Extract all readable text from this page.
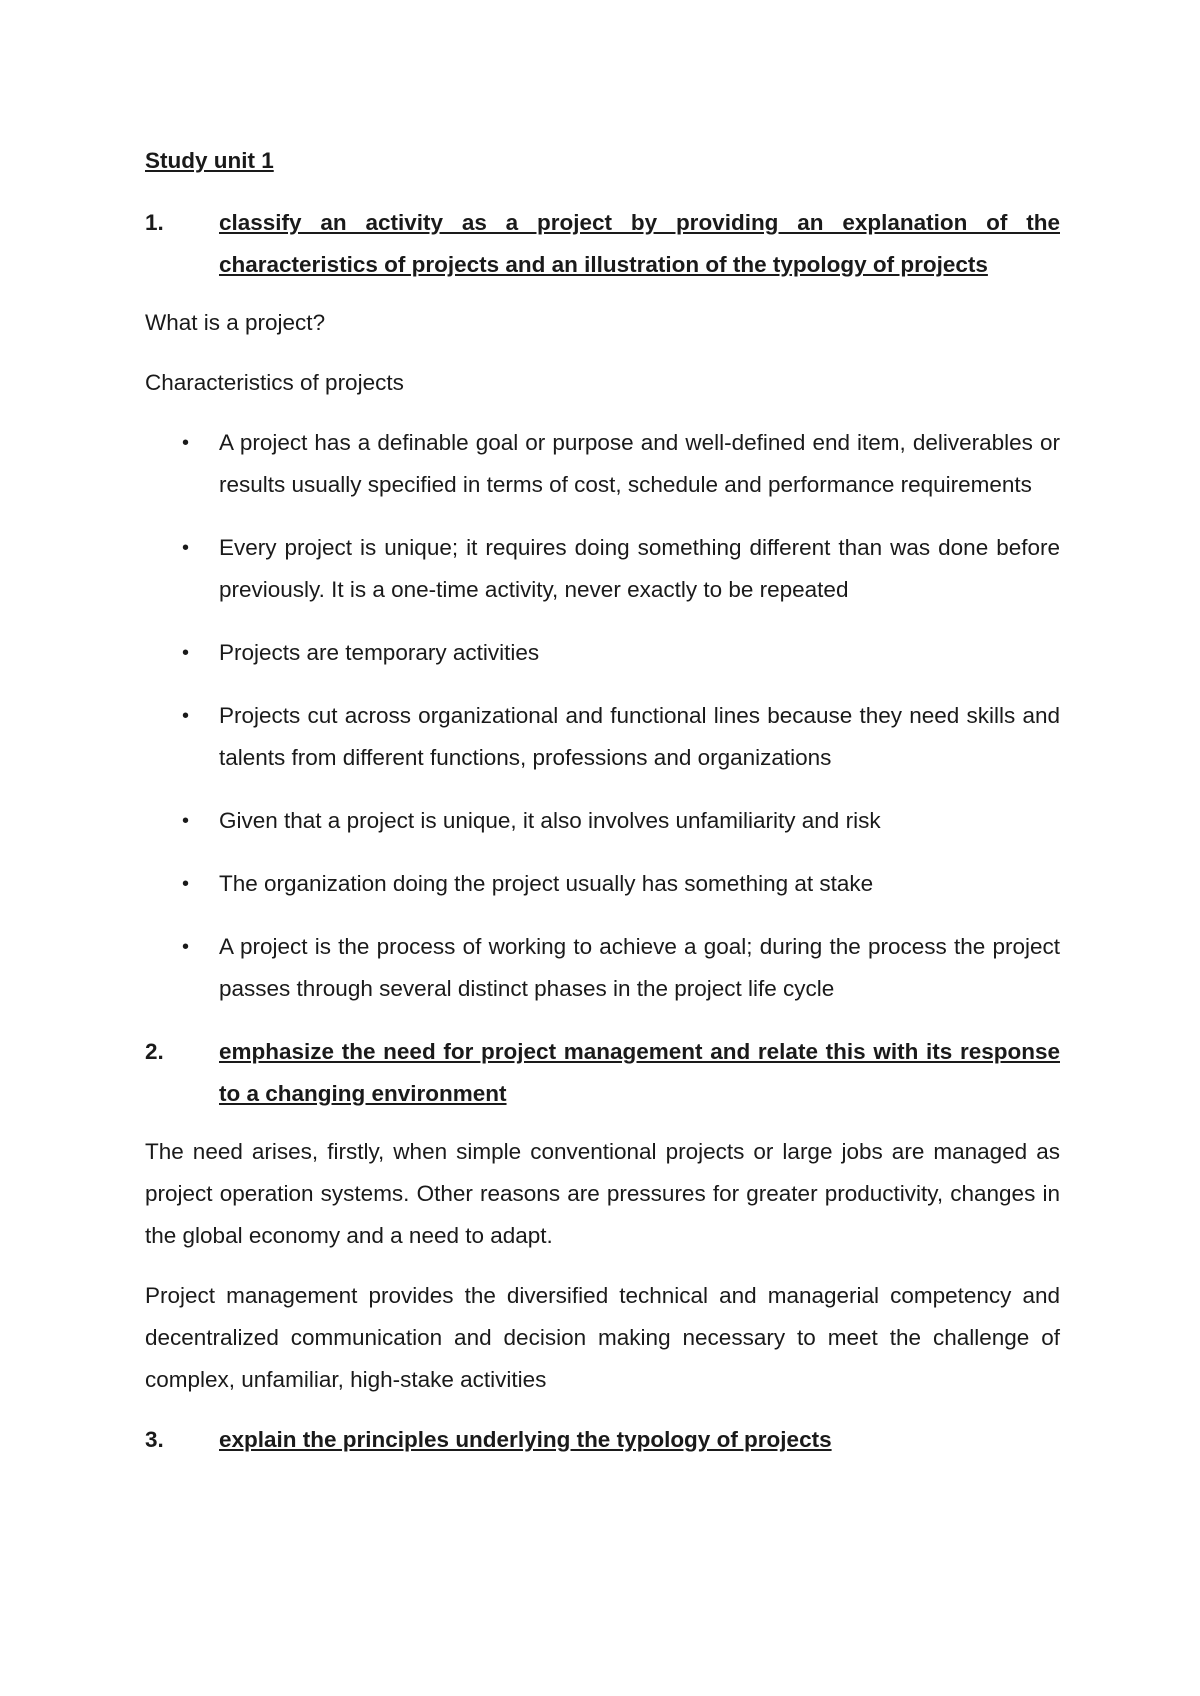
Study unit 1
1.	classify an activity as a project by providing an explanation of the characteristics of projects and an illustration of the typology of projects
What is a project?
Characteristics of projects
•	A project has a definable goal or purpose and well-defined end item, deliverables or results usually specified in terms of cost, schedule and performance requirements
•	Every project is unique; it requires doing something different than was done before previously. It is a one-time activity, never exactly to be repeated
•	Projects are temporary activities
•	Projects cut across organizational and functional lines because they need skills and talents from different functions, professions and organizations
•	Given that a project is unique, it also involves unfamiliarity and risk
•	The organization doing the project usually has something at stake
•	A project is the process of working to achieve a goal; during the process the project passes through several distinct phases in the project life cycle
2.	emphasize the need for project management and relate this with its response to a changing environment
The need arises, firstly, when simple conventional projects or large jobs are managed as project operation systems. Other reasons are pressures for greater productivity, changes in the global economy and a need to adapt.
Project management provides the diversified technical and managerial competency and decentralized communication and decision making necessary to meet the challenge of complex, unfamiliar, high-stake activities
3.	explain the principles underlying the typology of projects
